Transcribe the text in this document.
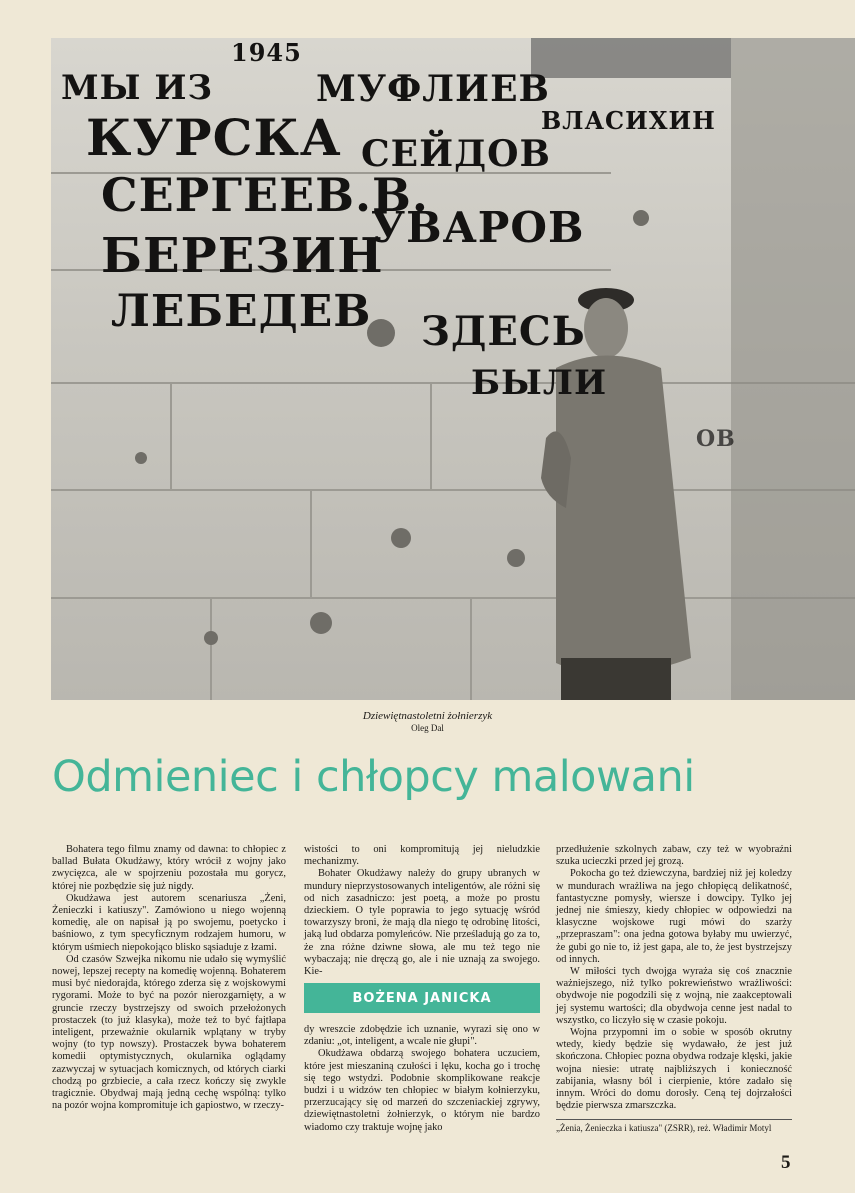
МЫ ИЗ
КУРСКА
СЕРГЕЕВ.В.
БЕРЕЗИН
ЛЕБЕДЕВ
1945
МУФЛИЕВ
ВЛАСИХИН
СЕЙДОВ
УВАРОВ
ЗДЕСЬ
БЫЛИ
ОВ
Dziewiętnastoletni żołnierzyk
Oleg Dal
Odmieniec i chłopcy malowani

Bohatera tego filmu znamy od dawna: to chłopiec z ballad Bułata Okudżawy, który wrócił z wojny jako zwycięzca, ale w spojrzeniu pozostała mu gorycz, której nie pozbędzie się już nigdy.

Okudżawa jest autorem scenariusza „Żeni, Żenieczki i katiuszy". Zamówiono u niego wojenną komedię, ale on napisał ją po swojemu, poetycko i baśniowo, z tym specyficznym rodzajem humoru, w którym uśmiech niepokojąco blisko sąsiaduje z łzami.

Od czasów Szwejka nikomu nie udało się wymyślić nowej, lepszej recepty na komedię wojenną. Bohaterem musi być niedorajda, którego zderza się z wojskowymi rygorami. Może to być na pozór nierozgarnięty, a w gruncie rzeczy bystrzejszy od swoich przełożonych prostaczek (to już klasyka), może też to być fajtłapa inteligent, przeważnie okularnik wplątany w tryby wojny (to typ nowszy). Prostaczek bywa bohaterem komedii optymistycznych, okularnika oglądamy zazwyczaj w sytuacjach komicznych, od których ciarki chodzą po grzbiecie, a cała rzecz kończy się zwykle tragicznie. Obydwaj mają jedną cechę wspólną: tylko na pozór wojna kompromituje ich gapiostwo, w rzeczy-

wistości to oni kompromitują jej nieludzkie mechanizmy.

Bohater Okudżawy należy do grupy ubranych w mundury nieprzystosowanych inteligentów, ale różni się od nich zasadniczo: jest poetą, a może po prostu dzieckiem. O tyle poprawia to jego sytuację wśród towarzyszy broni, że mają dla niego tę odrobinę litości, jaką lud obdarza pomyleńców. Nie prześladują go za to, że zna różne dziwne słowa, ale mu też tego nie wybaczają; nie dręczą go, ale i nie uznają za swojego. Kie-

BOŻENA JANICKA

dy wreszcie zdobędzie ich uznanie, wyrazi się ono w zdaniu: „ot, inteligent, a wcale nie głupi".

Okudżawa obdarzą swojego bohatera uczuciem, które jest mieszaniną czułości i lęku, kocha go i trochę się tego wstydzi. Podobnie skomplikowane reakcje budzi i u widzów ten chłopiec w białym kołnierzyku, przerzucający się od marzeń do szczeniackiej zgrywy, dziewiętnastoletni żołnierzyk, o którym nie bardzo wiadomo czy traktuje wojnę jako

przedłużenie szkolnych zabaw, czy też w wyobraźni szuka ucieczki przed jej grozą.

Pokocha go też dziewczyna, bardziej niż jej koledzy w mundurach wrażliwa na jego chłopięcą delikatność, fantastyczne pomysły, wiersze i dowcipy. Tylko jej jednej nie śmieszy, kiedy chłopiec w odpowiedzi na klasyczne wojskowe rugi mówi do szarży „przepraszam": ona jedna gotowa byłaby mu uwierzyć, że gubi go nie to, iż jest gapa, ale to, że jest bystrzejszy od innych.

W miłości tych dwojga wyraża się coś znacznie ważniejszego, niż tylko pokrewieństwo wrażliwości: obydwoje nie pogodzili się z wojną, nie zaakceptowali jej systemu wartości; dla obydwoja cenne jest nadal to wszystko, co liczyło się w czasie pokoju.

Wojna przypomni im o sobie w sposób okrutny wtedy, kiedy będzie się wydawało, że jest już skończona. Chłopiec pozna obydwa rodzaje klęski, jakie wojna niesie: utratę najbliższych i konieczność zabijania, własny ból i cierpienie, które zadało się innym. Wróci do domu dorosły. Ceną tej dojrzałości będzie pierwsza zmarszczka.

„Żenia, Żenieczka i katiusza" (ZSRR), reż. Władimir Motyl
5
